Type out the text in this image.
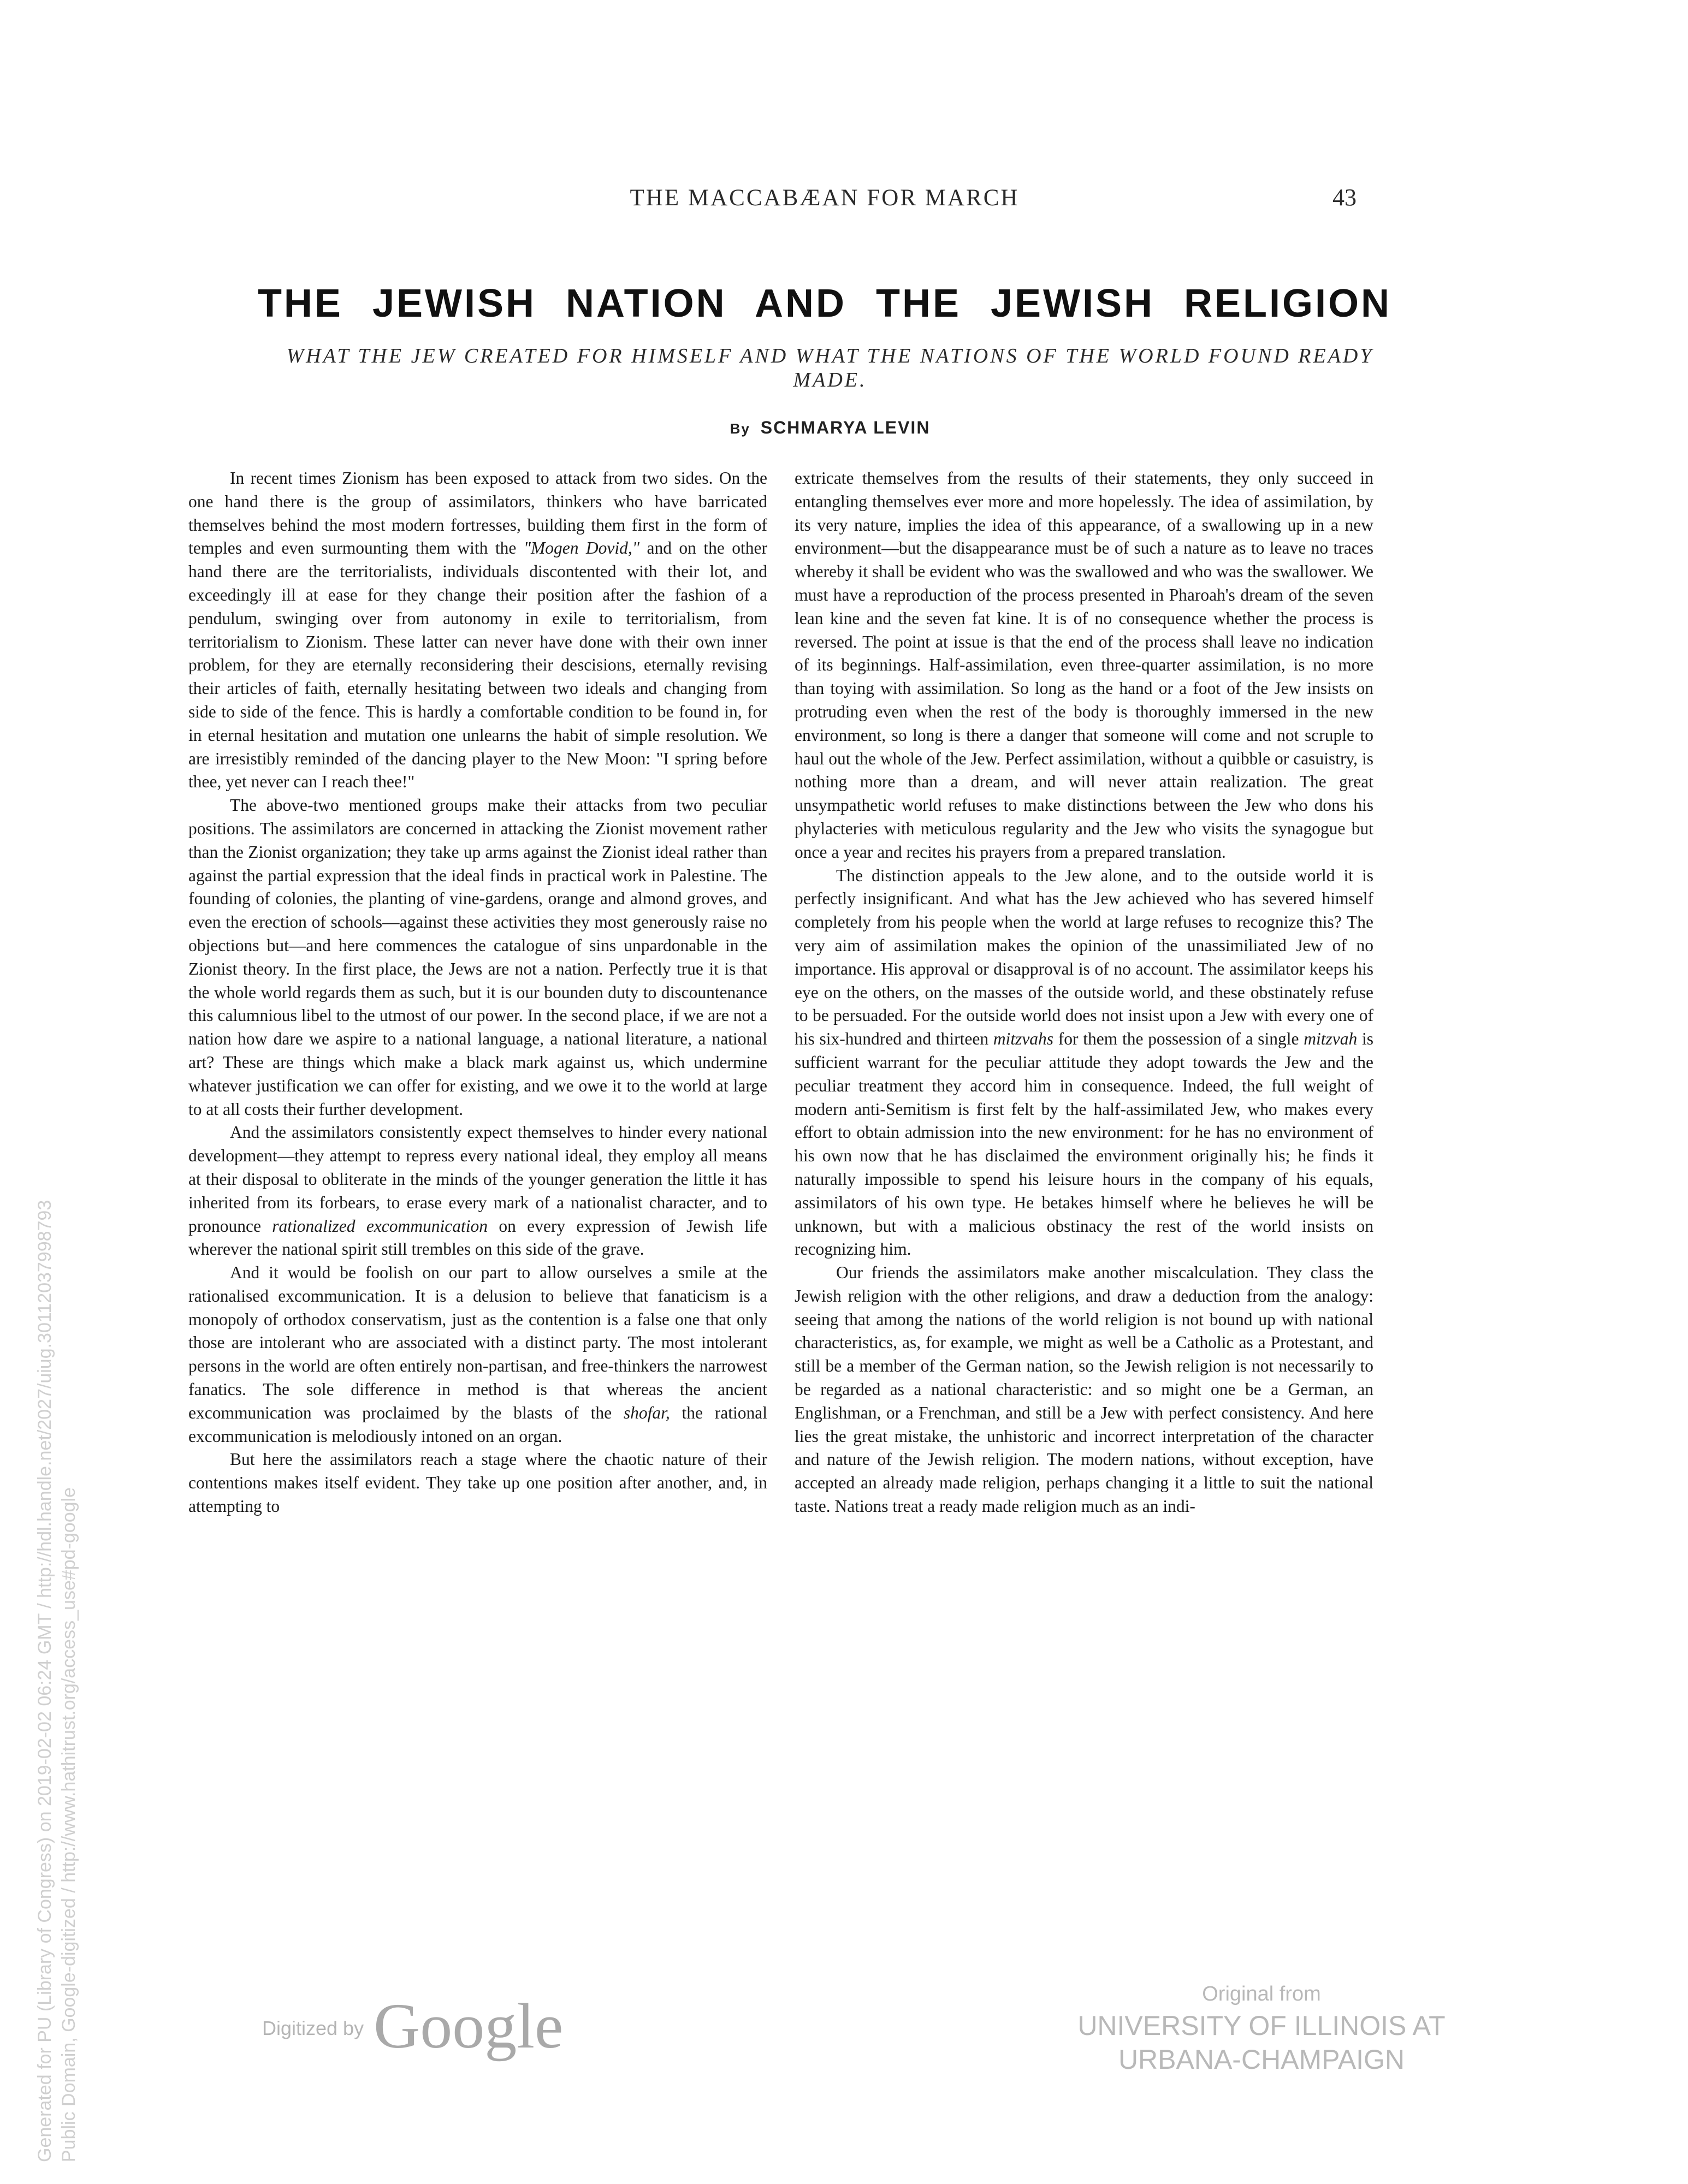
THE MACCABÆAN FOR MARCH	43
THE JEWISH NATION AND THE JEWISH RELIGION
WHAT THE JEW CREATED FOR HIMSELF AND WHAT THE NATIONS OF THE WORLD FOUND READY MADE.
By SCHMARYA LEVIN

In recent times Zionism has been exposed to attack from two sides. On the one hand there is the group of assimilators, thinkers who have barricated themselves behind the most modern fortresses, building them first in the form of temples and even surmounting them with the "Mogen Dovid," and on the other hand there are the territorialists, individuals discontented with their lot, and exceedingly ill at ease for they change their position after the fashion of a pendulum, swinging over from autonomy in exile to territorialism, from territorialism to Zionism. These latter can never have done with their own inner problem, for they are eternally reconsidering their descisions, eternally revising their articles of faith, eternally hesitating between two ideals and changing from side to side of the fence. This is hardly a comfortable condition to be found in, for in eternal hesitation and mutation one unlearns the habit of simple resolution. We are irresistibly reminded of the dancing player to the New Moon: "I spring before thee, yet never can I reach thee!"

The above-two mentioned groups make their attacks from two peculiar positions. The assimilators are concerned in attacking the Zionist movement rather than the Zionist organization; they take up arms against the Zionist ideal rather than against the partial expression that the ideal finds in practical work in Palestine. The founding of colonies, the planting of vine-gardens, orange and almond groves, and even the erection of schools—against these activities they most generously raise no objections but—and here commences the catalogue of sins unpardonable in the Zionist theory. In the first place, the Jews are not a nation. Perfectly true it is that the whole world regards them as such, but it is our bounden duty to discountenance this calumnious libel to the utmost of our power. In the second place, if we are not a nation how dare we aspire to a national language, a national literature, a national art? These are things which make a black mark against us, which undermine whatever justification we can offer for existing, and we owe it to the world at large to at all costs their further development.

And the assimilators consistently expect themselves to hinder every national development—they attempt to repress every national ideal, they employ all means at their disposal to obliterate in the minds of the younger generation the little it has inherited from its forbears, to erase every mark of a nationalist character, and to pronounce rationalized excommunication on every expression of Jewish life wherever the national spirit still trembles on this side of the grave.

And it would be foolish on our part to allow ourselves a smile at the rationalised excommunication. It is a delusion to believe that fanaticism is a monopoly of orthodox conservatism, just as the contention is a false one that only those are intolerant who are associated with a distinct party. The most intolerant persons in the world are often entirely non-partisan, and free-thinkers the narrowest fanatics. The sole difference in method is that whereas the ancient excommunication was proclaimed by the blasts of the shofar, the rational excommunication is melodiously intoned on an organ.

But here the assimilators reach a stage where the chaotic nature of their contentions makes itself evident. They take up one position after another, and, in attempting to

extricate themselves from the results of their statements, they only succeed in entangling themselves ever more and more hopelessly. The idea of assimilation, by its very nature, implies the idea of this appearance, of a swallowing up in a new environment—but the disappearance must be of such a nature as to leave no traces whereby it shall be evident who was the swallowed and who was the swallower. We must have a reproduction of the process presented in Pharoah's dream of the seven lean kine and the seven fat kine. It is of no consequence whether the process is reversed. The point at issue is that the end of the process shall leave no indication of its beginnings. Half-assimilation, even three-quarter assimilation, is no more than toying with assimilation. So long as the hand or a foot of the Jew insists on protruding even when the rest of the body is thoroughly immersed in the new environment, so long is there a danger that someone will come and not scruple to haul out the whole of the Jew. Perfect assimilation, without a quibble or casuistry, is nothing more than a dream, and will never attain realization. The great unsympathetic world refuses to make distinctions between the Jew who dons his phylacteries with meticulous regularity and the Jew who visits the synagogue but once a year and recites his prayers from a prepared translation.

The distinction appeals to the Jew alone, and to the outside world it is perfectly insignificant. And what has the Jew achieved who has severed himself completely from his people when the world at large refuses to recognize this? The very aim of assimilation makes the opinion of the unassimiliated Jew of no importance. His approval or disapproval is of no account. The assimilator keeps his eye on the others, on the masses of the outside world, and these obstinately refuse to be persuaded. For the outside world does not insist upon a Jew with every one of his six-hundred and thirteen mitzvahs for them the possession of a single mitzvah is sufficient warrant for the peculiar attitude they adopt towards the Jew and the peculiar treatment they accord him in consequence. Indeed, the full weight of modern anti-Semitism is first felt by the half-assimilated Jew, who makes every effort to obtain admission into the new environment: for he has no environment of his own now that he has disclaimed the environment originally his; he finds it naturally impossible to spend his leisure hours in the company of his equals, assimilators of his own type. He betakes himself where he believes he will be unknown, but with a malicious obstinacy the rest of the world insists on recognizing him.

Our friends the assimilators make another miscalculation. They class the Jewish religion with the other religions, and draw a deduction from the analogy: seeing that among the nations of the world religion is not bound up with national characteristics, as, for example, we might as well be a Catholic as a Protestant, and still be a member of the German nation, so the Jewish religion is not necessarily to be regarded as a national characteristic: and so might one be a German, an Englishman, or a Frenchman, and still be a Jew with perfect consistency. And here lies the great mistake, the unhistoric and incorrect interpretation of the character and nature of the Jewish religion. The modern nations, without exception, have accepted an already made religion, perhaps changing it a little to suit the national taste. Nations treat a ready made religion much as an indi-

Generated for PU (Library of Congress) on 2019-02-02 06:24 GMT / http://hdl.handle.net/2027/uiug.30112037998793 Public Domain, Google-digitized / http://www.hathitrust.org/access_use#pd-google	Digitized by Google	Original from
UNIVERSITY OF ILLINOIS AT
URBANA-CHAMPAIGN
